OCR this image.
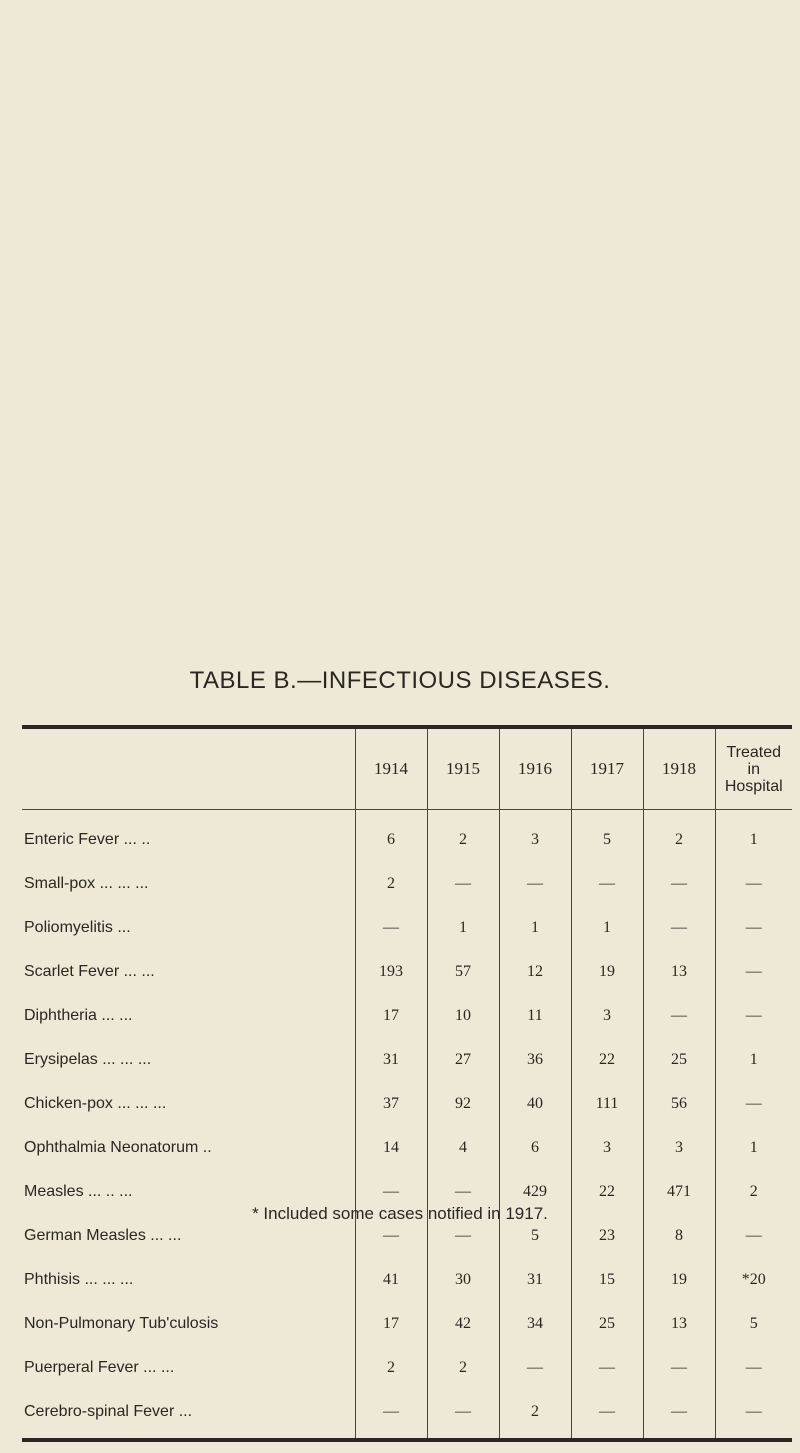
TABLE B.—INFECTIOUS DISEASES.
	1914	1915	1916	1917	1918	Treated
in
Hospital
Enteric Fever ... ..	6	2	3	5	2	1
Small-pox ... ... ...	2	—	—	—	—	—
Poliomyelitis ...	—	1	1	1	—	—
Scarlet Fever ... ...	193	57	12	19	13	—
Diphtheria ... ...	17	10	11	3	—	—
Erysipelas ... ... ...	31	27	36	22	25	1
Chicken-pox ... ... ...	37	92	40	111	56	—
Ophthalmia Neonatorum ..	14	4	6	3	3	1
Measles ... .. ...	—	—	429	22	471	2
German Measles ... ...	—	—	5	23	8	—
Phthisis ... ... ...	41	30	31	15	19	*20
Non-Pulmonary Tub'culosis	17	42	34	25	13	5
Puerperal Fever ... ...	2	2	—	—	—	—
Cerebro-spinal Fever ...	—	—	2	—	—	—

* Included some cases notified in 1917.
